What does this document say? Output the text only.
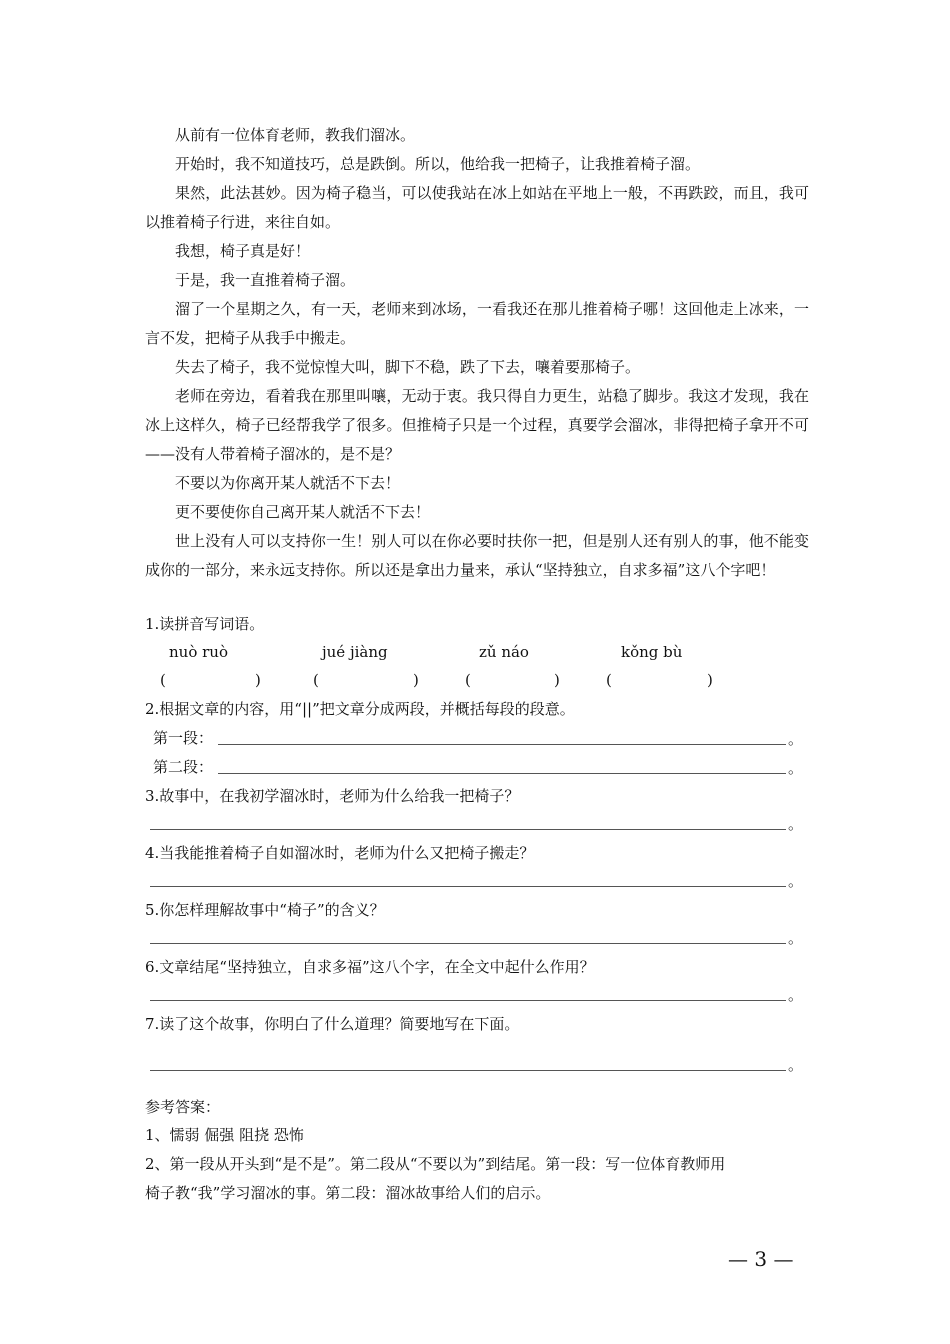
从前有一位体育老师，教我们溜冰。
开始时，我不知道技巧，总是跌倒。所以，他给我一把椅子，让我推着椅子溜。
果然，此法甚妙。因为椅子稳当，可以使我站在冰上如站在平地上一般，不再跌跤，而且，我可以推着椅子行进，来往自如。
我想，椅子真是好！
于是，我一直推着椅子溜。
溜了一个星期之久，有一天，老师来到冰场，一看我还在那儿推着椅子哪！这回他走上冰来，一言不发，把椅子从我手中搬走。
失去了椅子，我不觉惊惶大叫，脚下不稳，跌了下去，嚷着要那椅子。
老师在旁边，看着我在那里叫嚷，无动于衷。我只得自力更生，站稳了脚步。我这才发现，我在冰上这样久，椅子已经帮我学了很多。但推椅子只是一个过程，真要学会溜冰，非得把椅子拿开不可——没有人带着椅子溜冰的，是不是？
不要以为你离开某人就活不下去！
更不要使你自己离开某人就活不下去！
世上没有人可以支持你一生！别人可以在你必要时扶你一把，但是别人还有别人的事，他不能变成你的一部分，来永远支持你。所以还是拿出力量来，承认“坚持独立，自求多福”这八个字吧！
1.读拼音写词语。
nuò ruò	jué jiàng	zǔ náo	kǒng bù
(	)	(	)	(	)	(	)
2.根据文章的内容，用“||”把文章分成两段，并概括每段的段意。
第一段：	。
第二段：	。
3.故事中，在我初学溜冰时，老师为什么给我一把椅子？
。
4.当我能推着椅子自如溜冰时，老师为什么又把椅子搬走？
。
5.你怎样理解故事中“椅子”的含义？
。
6.文章结尾“坚持独立，自求多福”这八个字，在全文中起什么作用？
。
7.读了这个故事，你明白了什么道理？简要地写在下面。
。
参考答案：
1、懦弱 倔强 阻挠 恐怖
2、第一段从开头到“是不是”。第二段从“不要以为”到结尾。第一段：写一位体育教师用
椅子教“我”学习溜冰的事。第二段：溜冰故事给人们的启示。
— 3 —
